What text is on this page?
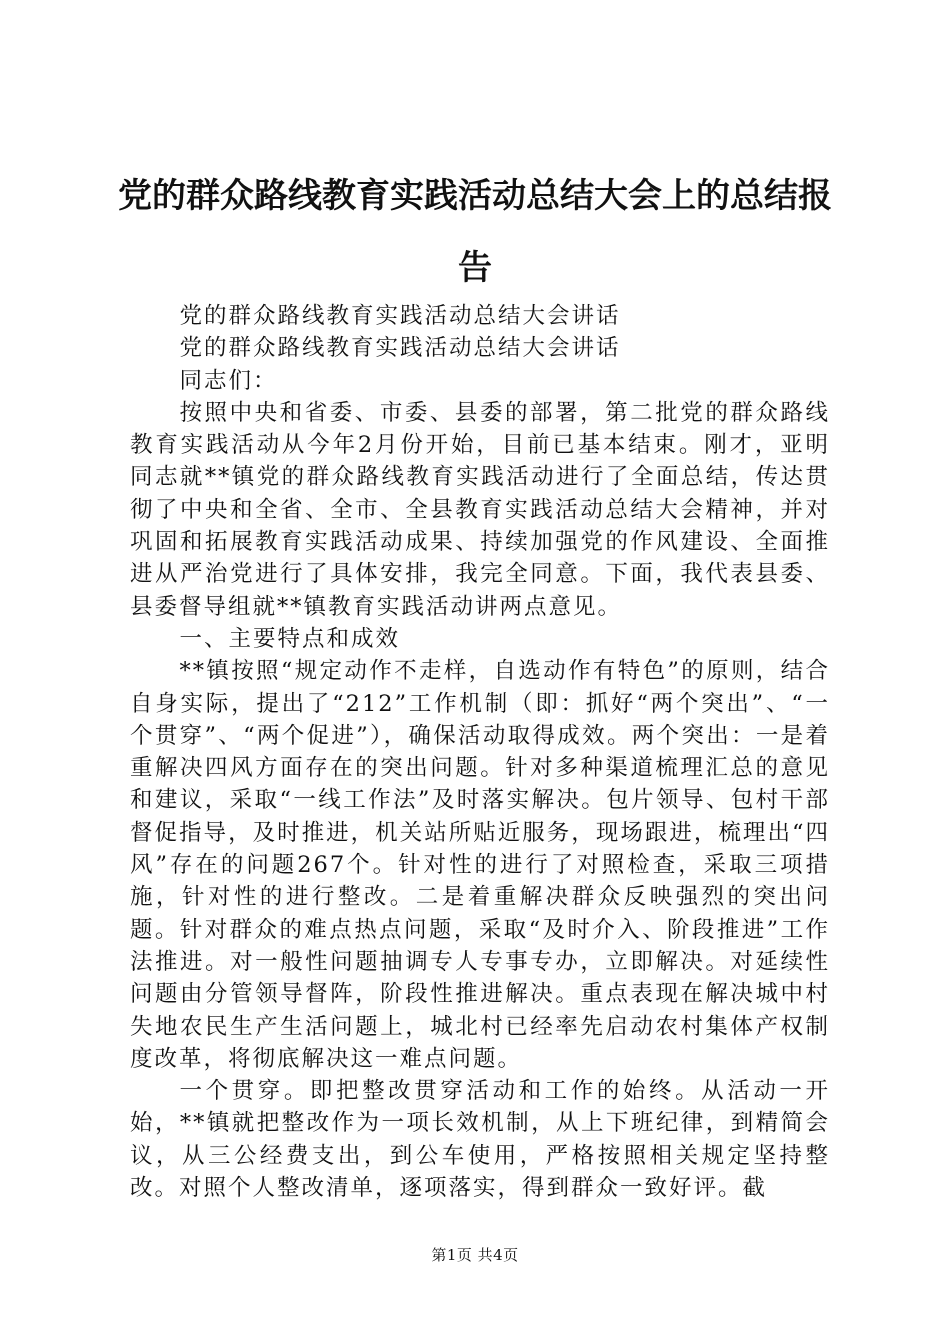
党的群众路线教育实践活动总结大会上的总结报告

党的群众路线教育实践活动总结大会讲话

党的群众路线教育实践活动总结大会讲话

同志们：

按照中央和省委、市委、县委的部署，第二批党的群众路线教育实践活动从今年2月份开始，目前已基本结束。刚才，亚明同志就**镇党的群众路线教育实践活动进行了全面总结，传达贯彻了中央和全省、全市、全县教育实践活动总结大会精神，并对巩固和拓展教育实践活动成果、持续加强党的作风建设、全面推进从严治党进行了具体安排，我完全同意。下面，我代表县委、县委督导组就**镇教育实践活动讲两点意见。

一、主要特点和成效

**镇按照“规定动作不走样，自选动作有特色”的原则，结合自身实际，提出了“212”工作机制（即：抓好“两个突出”、“一个贯穿”、“两个促进”），确保活动取得成效。两个突出：一是着重解决四风方面存在的突出问题。针对多种渠道梳理汇总的意见和建议，采取“一线工作法”及时落实解决。包片领导、包村干部督促指导，及时推进，机关站所贴近服务，现场跟进，梳理出“四风”存在的问题267个。针对性的进行了对照检查，采取三项措施，针对性的进行整改。二是着重解决群众反映强烈的突出问题。针对群众的难点热点问题，采取“及时介入、阶段推进”工作法推进。对一般性问题抽调专人专事专办，立即解决。对延续性问题由分管领导督阵，阶段性推进解决。重点表现在解决城中村失地农民生产生活问题上，城北村已经率先启动农村集体产权制度改革，将彻底解决这一难点问题。

一个贯穿。即把整改贯穿活动和工作的始终。从活动一开始，**镇就把整改作为一项长效机制，从上下班纪律，到精简会议，从三公经费支出，到公车使用，严格按照相关规定坚持整改。对照个人整改清单，逐项落实，得到群众一致好评。截

第1页 共4页
